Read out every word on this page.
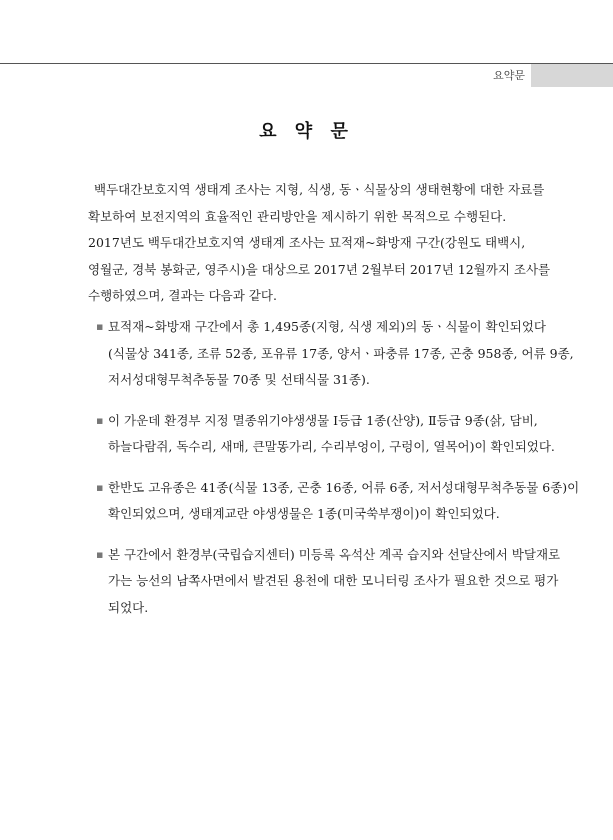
요약문
요 약 문
백두대간보호지역 생태계 조사는 지형, 식생, 동ㆍ식물상의 생태현황에 대한 자료를
확보하여 보전지역의 효율적인 관리방안을 제시하기 위한 목적으로 수행된다.
2017년도 백두대간보호지역 생태계 조사는 묘적재~화방재 구간(강원도 태백시,
영월군, 경북 봉화군, 영주시)을 대상으로 2017년 2월부터 2017년 12월까지 조사를
수행하였으며, 결과는 다음과 같다.
▪ 묘적재~화방재 구간에서 총 1,495종(지형, 식생 제외)의 동ㆍ식물이 확인되었다
(식물상 341종, 조류 52종, 포유류 17종, 양서ㆍ파충류 17종, 곤충 958종, 어류 9종,
저서성대형무척추동물 70종 및 선태식물 31종).
▪ 이 가운데 환경부 지정 멸종위기야생생물 Ⅰ등급 1종(산양), Ⅱ등급 9종(삵, 담비,
하늘다람쥐, 독수리, 새매, 큰말똥가리, 수리부엉이, 구렁이, 열목어)이 확인되었다.
▪ 한반도 고유종은 41종(식물 13종, 곤충 16종, 어류 6종, 저서성대형무척추동물 6종)이
확인되었으며, 생태계교란 야생생물은 1종(미국쑥부쟁이)이 확인되었다.
▪ 본 구간에서 환경부(국립습지센터) 미등록 옥석산 계곡 습지와 선달산에서 박달재로
가는 능선의 남쪽사면에서 발견된 용천에 대한 모니터링 조사가 필요한 것으로 평가
되었다.
